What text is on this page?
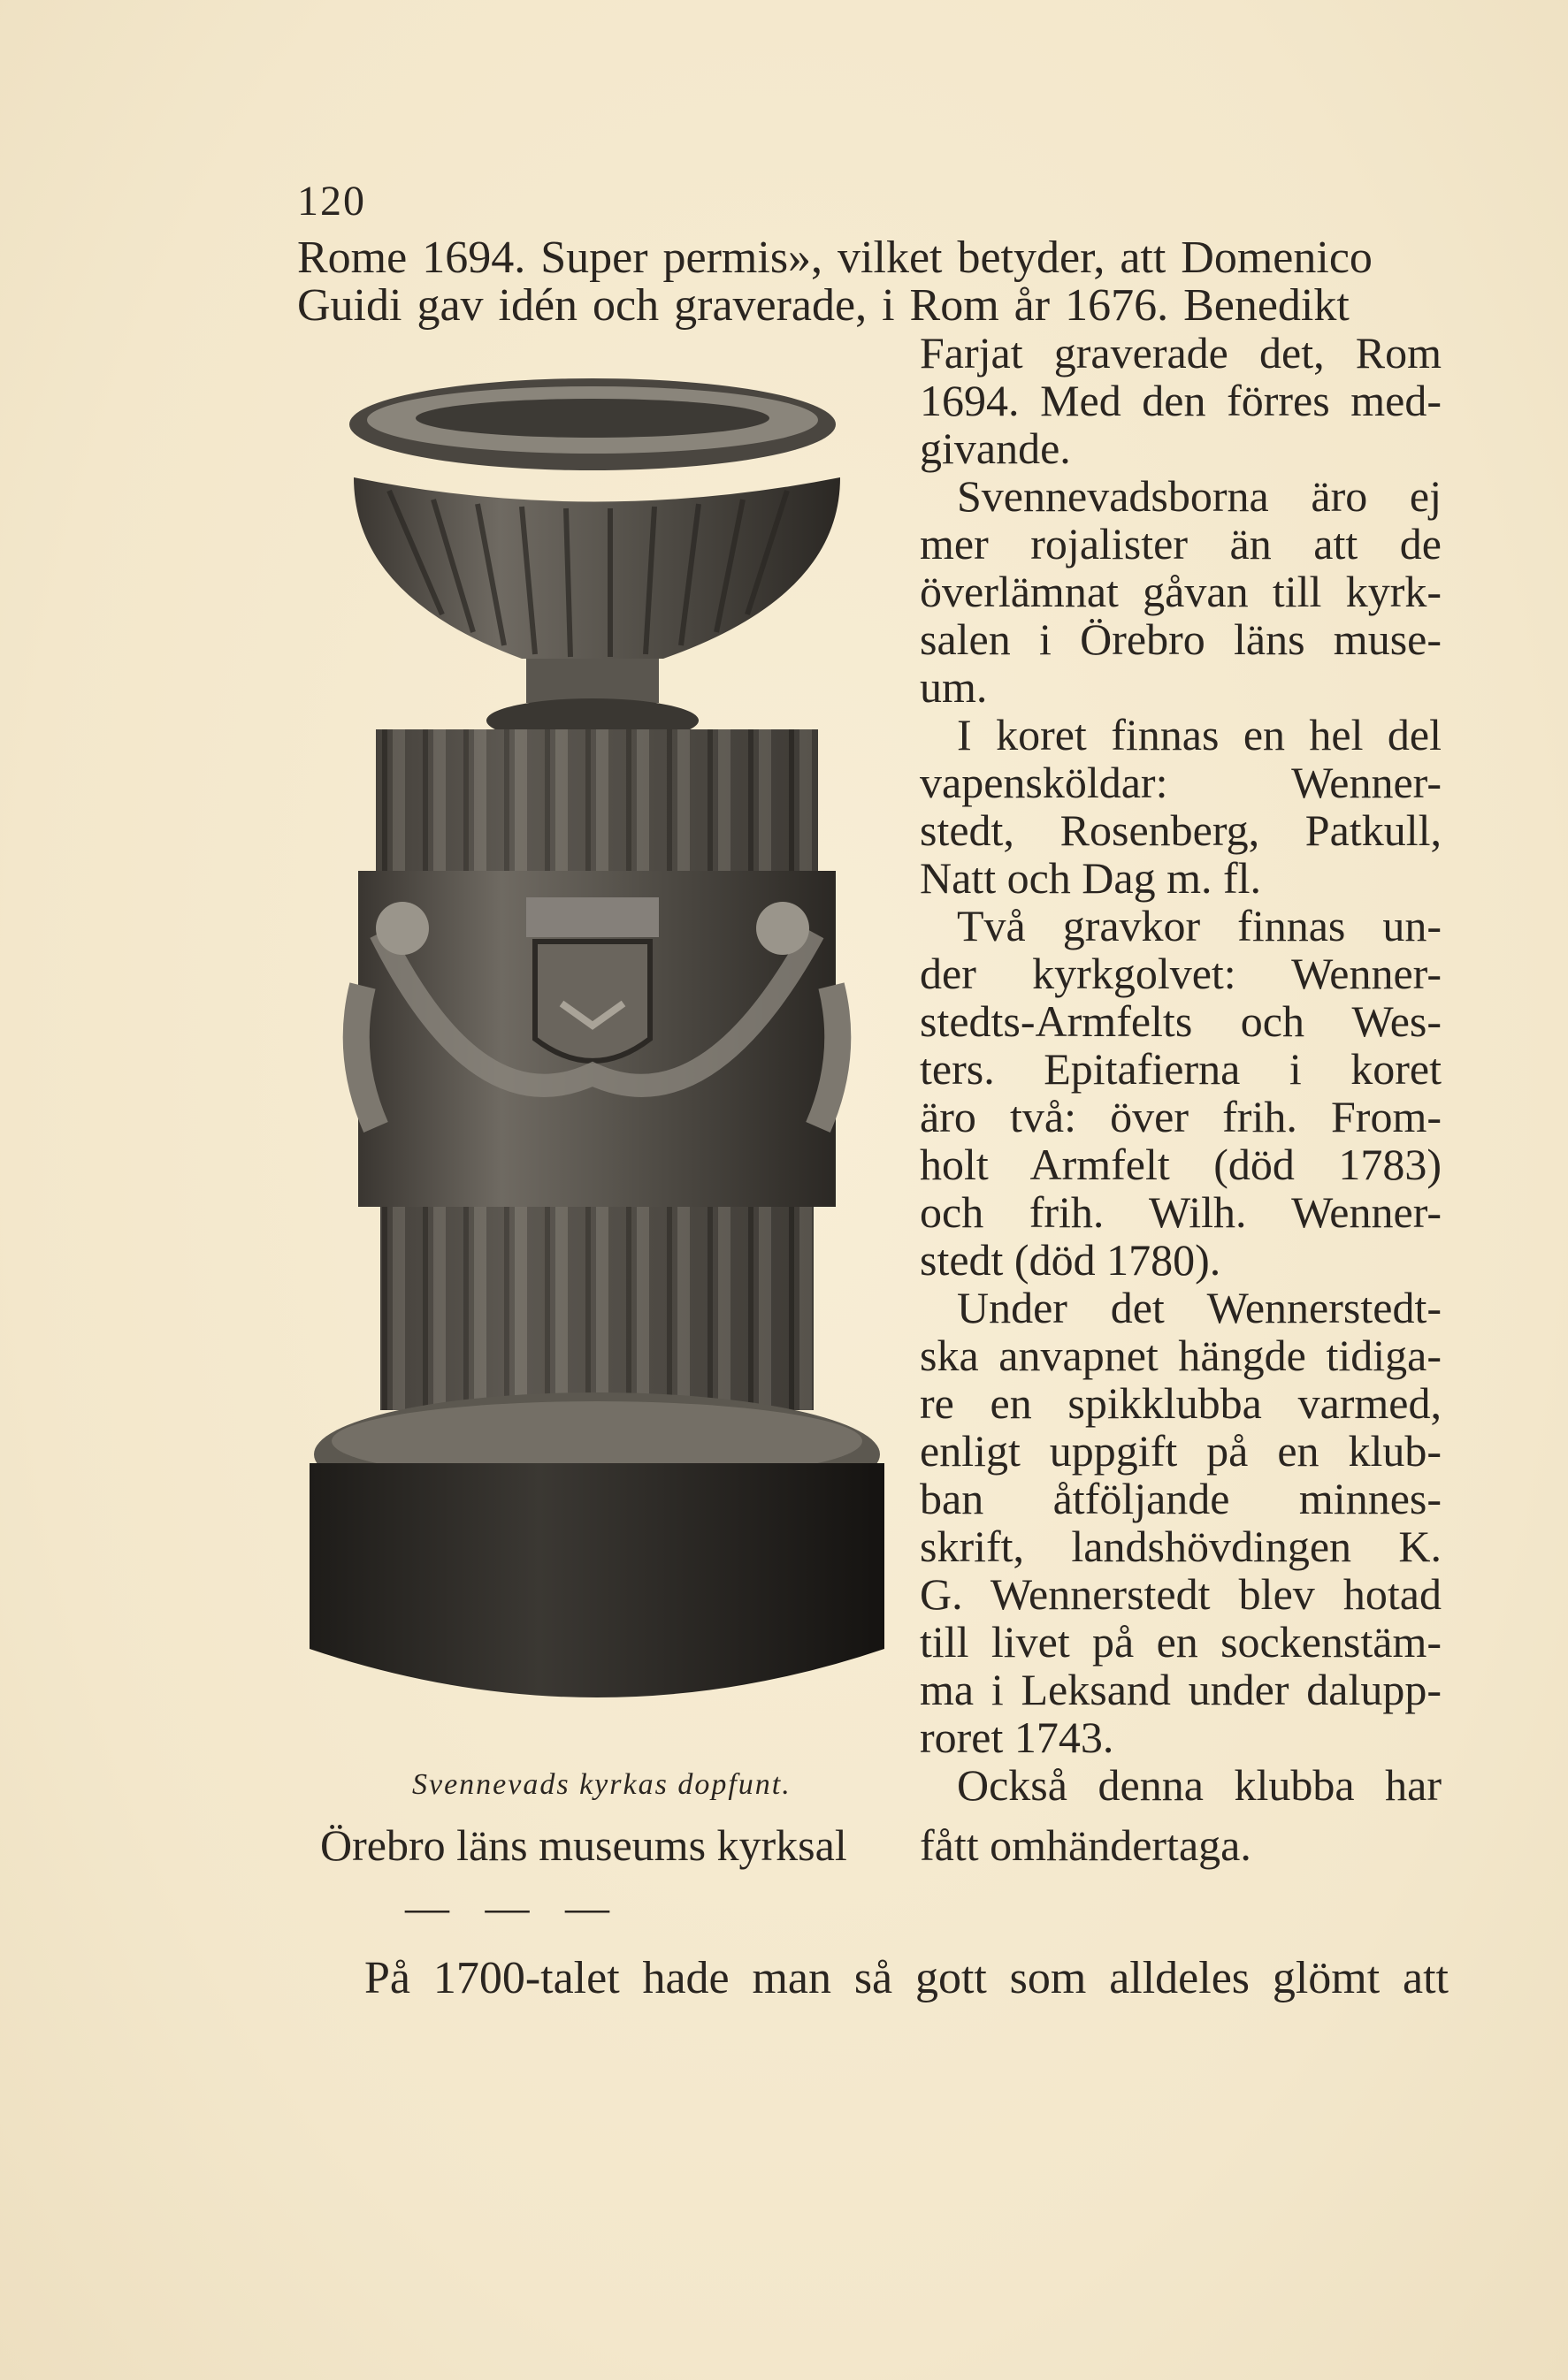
120
Rome 1694. Super permis», vilket betyder, att Domenico
Guidi gav idén och graverade, i Rom år 1676. Benedikt

Farjat graverade det, Rom
1694. Med den förres med-
givande.

Svennevadsborna äro ej
mer rojalister än att de
överlämnat gåvan till kyrk-
salen i Örebro läns muse-
um.

I koret finnas en hel del
vapensköldar: Wenner-
stedt, Rosenberg, Patkull,
Natt och Dag m. fl.

Två gravkor finnas un-
der kyrkgolvet: Wenner-
stedts-Armfelts och Wes-
ters. Epitafierna i koret
äro två: över frih. From-
holt Armfelt (död 1783)
och frih. Wilh. Wenner-
stedt (död 1780).

Under det Wennerstedt-
ska anvapnet hängde tidiga-
re en spikklubba varmed,
enligt uppgift på en klub-
ban åtföljande minnes-
skrift, landshövdingen K.
G. Wennerstedt blev hotad
till livet på en sockenstäm-
ma i Leksand under dalupp-
roret 1743.

Också denna klubba har

Svennevads kyrkas dopfunt.
Örebro läns museums kyrksal fått omhändertaga.
— — —
På 1700-talet hade man så gott som alldeles glömt att
